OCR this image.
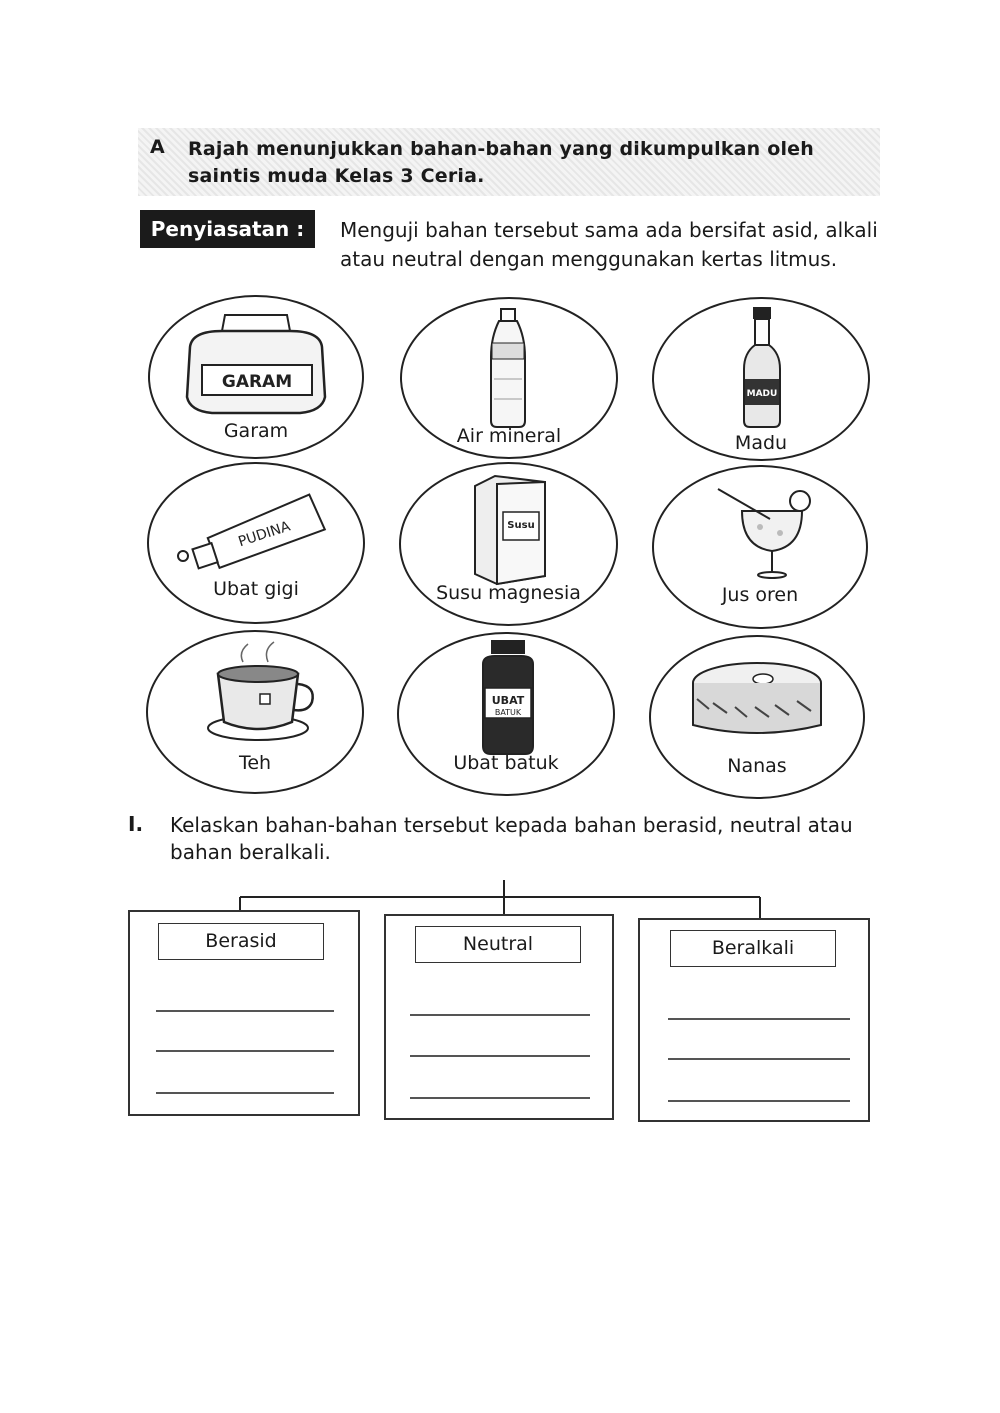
A Rajah menunjukkan bahan-bahan yang dikumpulkan oleh saintis muda Kelas 3 Ceria.
Penyiasatan :	Menguji bahan tersebut sama ada bersifat asid, alkali atau neutral dengan menggunakan kertas litmus.
GARAM
Garam	Air mineral
MADU
Madu
PUDINA
Ubat gigi
Susu
Susu magnesia	Jus oren
Teh
UBAT
BATUK
Ubat batuk	Nanas
I. Kelaskan bahan-bahan tersebut kepada bahan berasid, neutral atau bahan beralkali.
Berasid	Neutral	Beralkali
